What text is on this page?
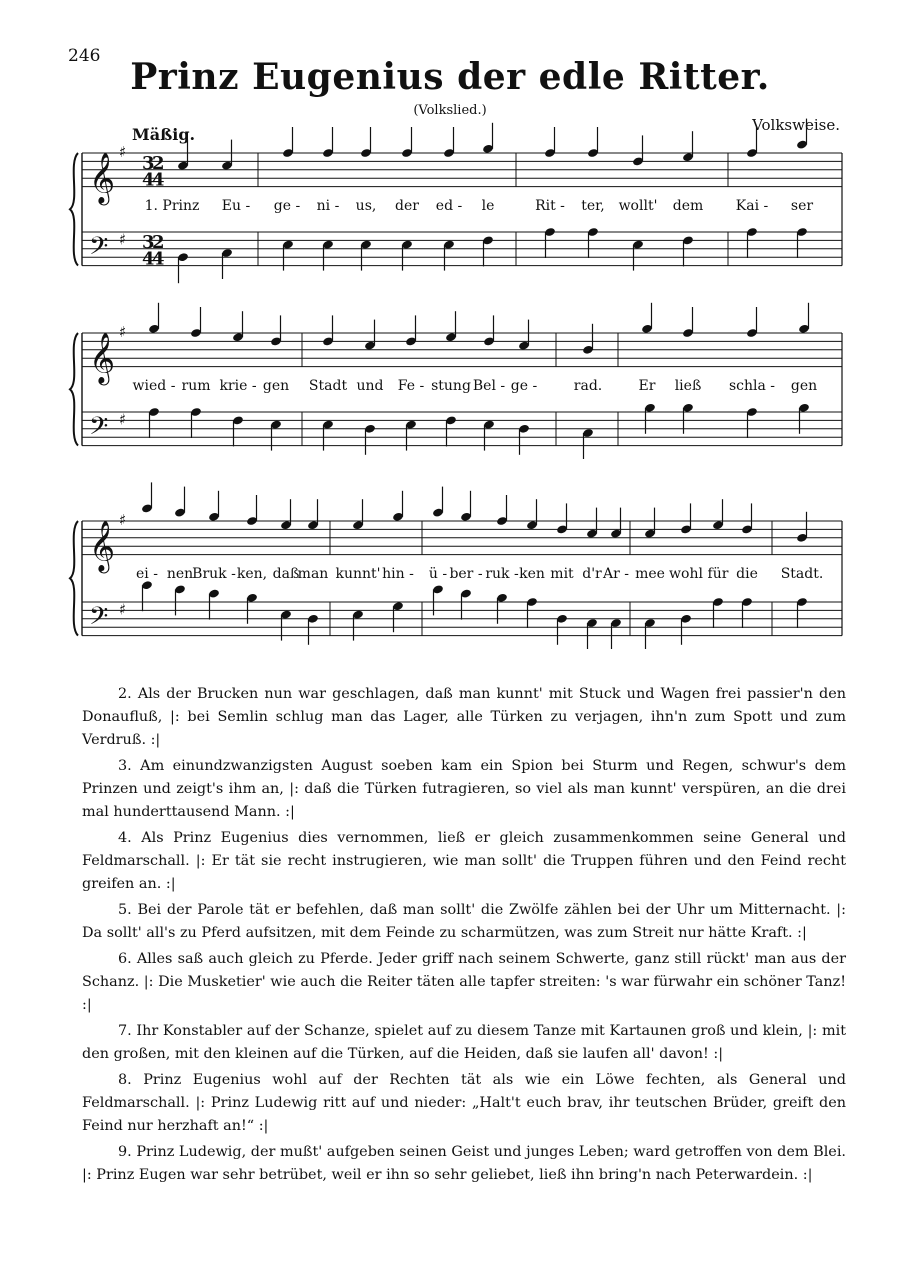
246 Prinz Eugenius der edle Ritter.
(Volkslied.)
Mäßig.	Volksweise.
𝄞
𝄢
♯
♯
3
2
4
4
3
2
4
4
𝄞
𝄢
♯
♯
𝄞
𝄢
♯
♯
1. Prinz Eu - ge - ni - us, der ed - le	Rit - ter, wollt' dem Kai - ser
wied - rum krie - gen Stadt und Fe - stung Bel - ge -	rad.	Er ließ schla - gen
ei - nen Bruk - ken, daß
man kunnt' hin - ü - ber - ruk - ken mit d'r Ar - mee wohl für die Stadt.

2. Als der Brucken nun war geschlagen, daß man kunnt' mit Stuck und Wagen frei passier'n den Donaufluß, |: bei Semlin schlug man das Lager, alle Türken zu verjagen, ihn'n zum Spott und zum Verdruß. :|

3. Am einundzwanzigsten August soeben kam ein Spion bei Sturm und Regen, schwur's dem Prinzen und zeigt's ihm an, |: daß die Türken futragieren, so viel als man kunnt' verspüren, an die drei mal hunderttausend Mann. :|

4. Als Prinz Eugenius dies vernommen, ließ er gleich zusammenkommen seine General und Feldmarschall. |: Er tät sie recht instrugieren, wie man sollt' die Truppen führen und den Feind recht greifen an. :|

5. Bei der Parole tät er befehlen, daß man sollt' die Zwölfe zählen bei der Uhr um Mitternacht. |: Da sollt' all's zu Pferd aufsitzen, mit dem Feinde zu scharmützen, was zum Streit nur hätte Kraft. :|

6. Alles saß auch gleich zu Pferde. Jeder griff nach seinem Schwerte, ganz still rückt' man aus der Schanz. |: Die Musketier' wie auch die Reiter täten alle tapfer streiten: 's war fürwahr ein schöner Tanz! :|

7. Ihr Konstabler auf der Schanze, spielet auf zu diesem Tanze mit Kartaunen groß und klein, |: mit den großen, mit den kleinen auf die Türken, auf die Heiden, daß sie laufen all' davon! :|

8. Prinz Eugenius wohl auf der Rechten tät als wie ein Löwe fechten, als General und Feldmarschall. |: Prinz Ludewig ritt auf und nieder: „Halt't euch brav, ihr teutschen Brüder, greift den Feind nur herzhaft an!“ :|

9. Prinz Ludewig, der mußt' aufgeben seinen Geist und junges Leben; ward getroffen von dem Blei. |: Prinz Eugen war sehr betrübet, weil er ihn so sehr geliebet, ließ ihn bring'n nach Peterwardein. :|
